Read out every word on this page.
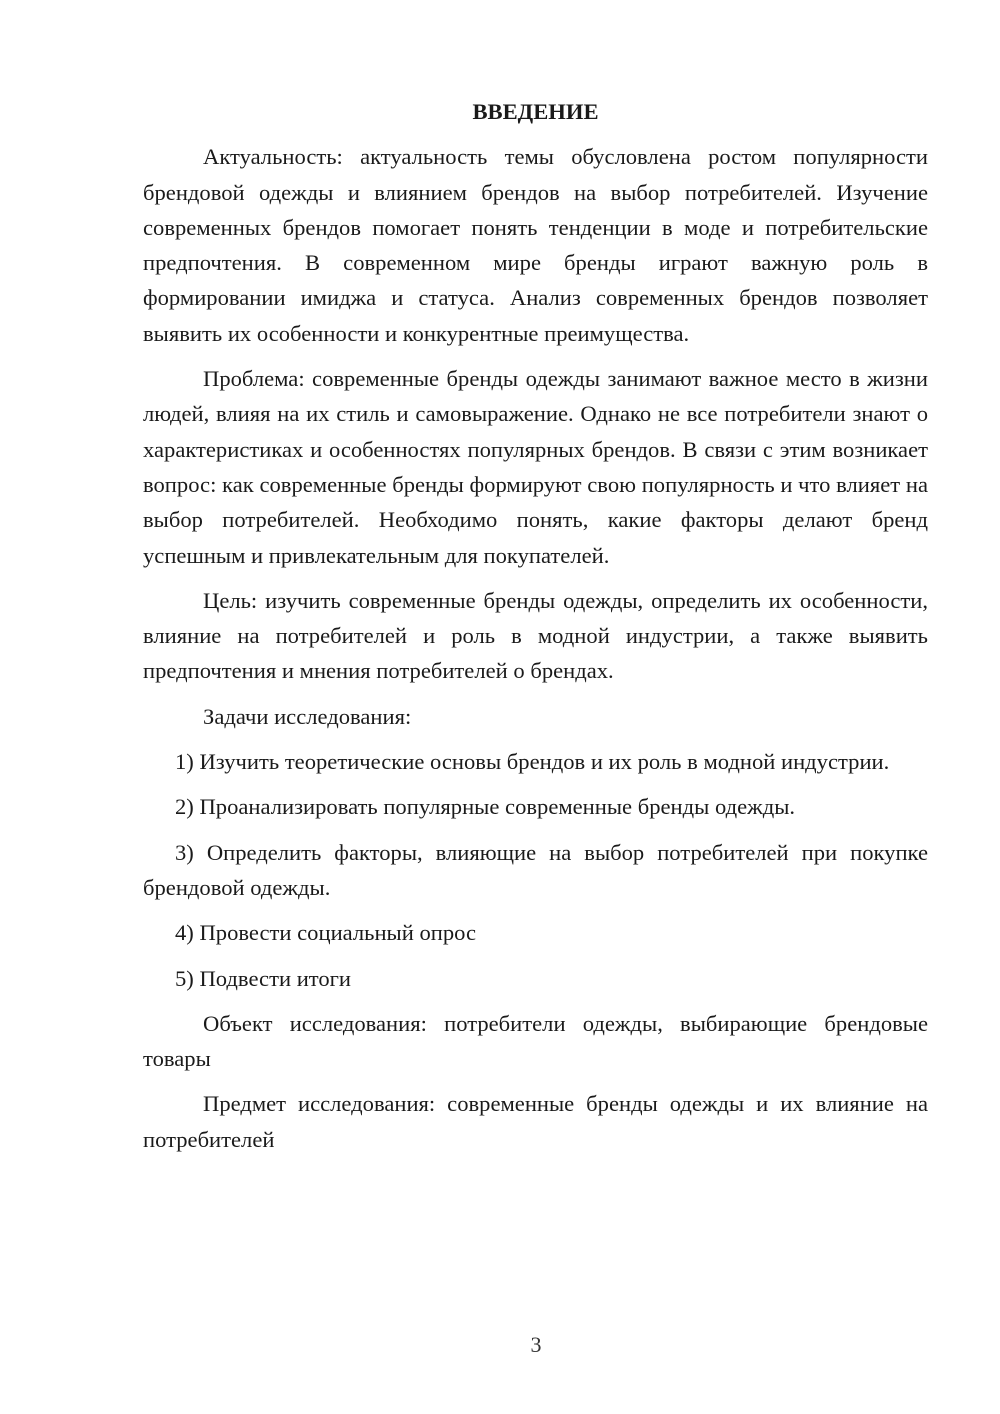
ВВЕДЕНИЕ

Актуальность: актуальность темы обусловлена ростом популярности брендовой одежды и влиянием брендов на выбор потребителей. Изучение современных брендов помогает понять тенденции в моде и потребительские предпочтения. В современном мире бренды играют важную роль в формировании имиджа и статуса. Анализ современных брендов позволяет выявить их особенности и конкурентные преимущества.

Проблема: современные бренды одежды занимают важное место в жизни людей, влияя на их стиль и самовыражение. Однако не все потребители знают о характеристиках и особенностях популярных брендов. В связи с этим возникает вопрос: как современные бренды формируют свою популярность и что влияет на выбор потребителей. Необходимо понять, какие факторы делают бренд успешным и привлекательным для покупателей.

Цель: изучить современные бренды одежды, определить их особенности, влияние на потребителей и роль в модной индустрии, а также выявить предпочтения и мнения потребителей о брендах.

Задачи исследования:

1) Изучить теоретические основы брендов и их роль в модной индустрии.

2) Проанализировать популярные современные бренды одежды.

3) Определить факторы, влияющие на выбор потребителей при покупке брендовой одежды.

4) Провести социальный опрос

5) Подвести итоги

Объект исследования: потребители одежды, выбирающие брендовые товары

Предмет исследования: современные бренды одежды и их влияние на потребителей

3
